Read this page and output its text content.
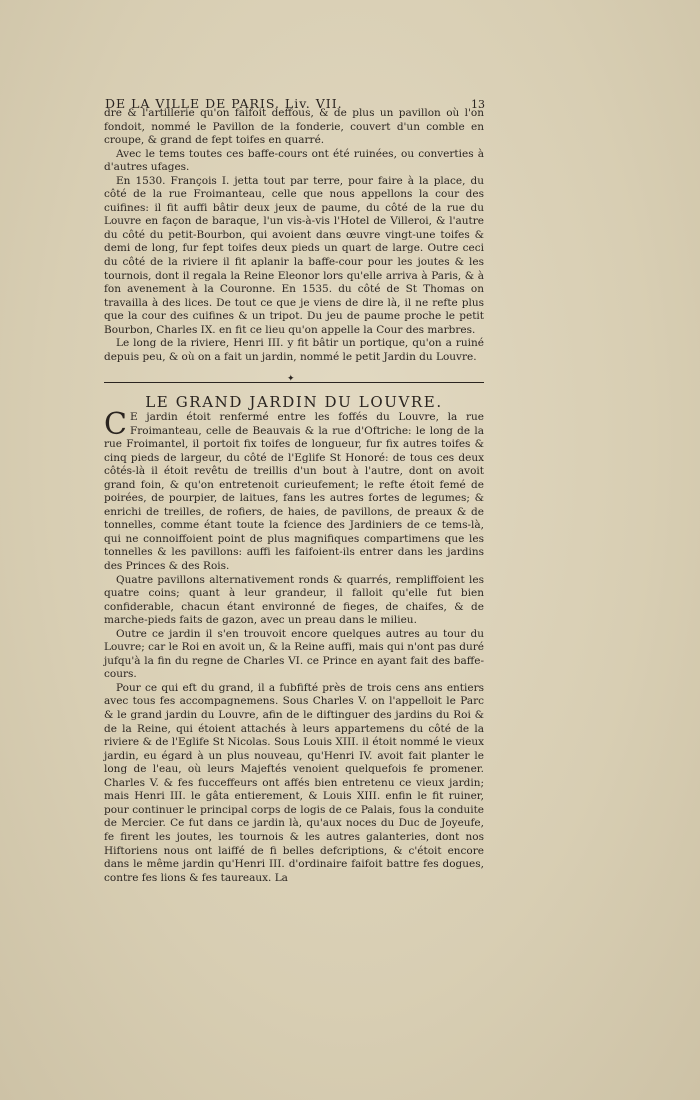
DE LA VILLE DE PARIS. Liv. VII.	13

dre & l'artillerie qu'on faifoit deffous, & de plus un pavillon où l'on fondoit, nommé le Pavillon de la fonderie, couvert d'un comble en croupe, & grand de fept toifes en quarré.

Avec le tems toutes ces baffe-cours ont été ruinées, ou converties à d'autres ufages.

En 1530. François I. jetta tout par terre, pour faire à la place, du côté de la rue Froimanteau, celle que nous appellons la cour des cuifines: il fit auffi bâtir deux jeux de paume, du côté de la rue du Louvre en façon de baraque, l'un vis-à-vis l'Hotel de Villeroi, & l'autre du côté du petit-Bourbon, qui avoient dans œuvre vingt-une toifes & demi de long, fur fept toifes deux pieds un quart de large. Outre ceci du côté de la riviere il fit aplanir la baffe-cour pour les joutes & les tournois, dont il regala la Reine Eleonor lors qu'elle arriva à Paris, & à fon avenement à la Couronne. En 1535. du côté de St Thomas on travailla à des lices. De tout ce que je viens de dire là, il ne refte plus que la cour des cuifines & un tripot. Du jeu de paume proche le petit Bourbon, Charles IX. en fit ce lieu qu'on appelle la Cour des marbres.

Le long de la riviere, Henri III. y fit bâtir un portique, qu'on a ruiné depuis peu, & où on a fait un jardin, nommé le petit Jardin du Louvre.

✦
LE GRAND JARDIN DU LOUVRE.

C E jardin étoit renfermé entre les foffés du Louvre, la rue Froimanteau, celle de Beauvais & la rue d'Oftriche: le long de la rue Froimantel, il portoit fix toifes de longueur, fur fix autres toifes & cinq pieds de largeur, du côté de l'Eglife St Honoré: de tous ces deux côtés-là il étoit revêtu de treillis d'un bout à l'autre, dont on avoit grand foin, & qu'on entretenoit curieufement; le refte étoit femé de poirées, de pourpier, de laitues, fans les autres fortes de legumes; & enrichi de treilles, de rofiers, de haies, de pavillons, de preaux & de tonnelles, comme étant toute la fcience des Jardiniers de ce tems-là, qui ne connoiffoient point de plus magnifiques compartimens que les tonnelles & les pavillons: auffi les faifoient-ils entrer dans les jardins des Princes & des Rois.

Quatre pavillons alternativement ronds & quarrés, rempliffoient les quatre coins; quant à leur grandeur, il falloit qu'elle fut bien confiderable, chacun étant environné de fieges, de chaifes, & de marche-pieds faits de gazon, avec un preau dans le milieu.

Outre ce jardin il s'en trouvoit encore quelques autres au tour du Louvre; car le Roi en avoit un, & la Reine auffi, mais qui n'ont pas duré jufqu'à la fin du regne de Charles VI. ce Prince en ayant fait des baffe-cours.

Pour ce qui eft du grand, il a fubfifté près de trois cens ans entiers avec tous fes accompagnemens. Sous Charles V. on l'appelloit le Parc & le grand jardin du Louvre, afin de le diftinguer des jardins du Roi & de la Reine, qui étoient attachés à leurs appartemens du côté de la riviere & de l'Eglife St Nicolas. Sous Louis XIII. il étoit nommé le vieux jardin, eu égard à un plus nouveau, qu'Henri IV. avoit fait planter le long de l'eau, où leurs Majeftés venoient quelquefois fe promener. Charles V. & fes fucceffeurs ont affés bien entretenu ce vieux jardin; mais Henri III. le gâta entierement, & Louis XIII. enfin le fit ruiner, pour continuer le principal corps de logis de ce Palais, fous la conduite de Mercier. Ce fut dans ce jardin là, qu'aux noces du Duc de Joyeufe, fe firent les joutes, les tournois & les autres galanteries, dont nos Hiftoriens nous ont laiffé de fi belles defcriptions, & c'étoit encore dans le même jardin qu'Henri III. d'ordinaire faifoit battre fes dogues, contre fes lions & fes taureaux. La
